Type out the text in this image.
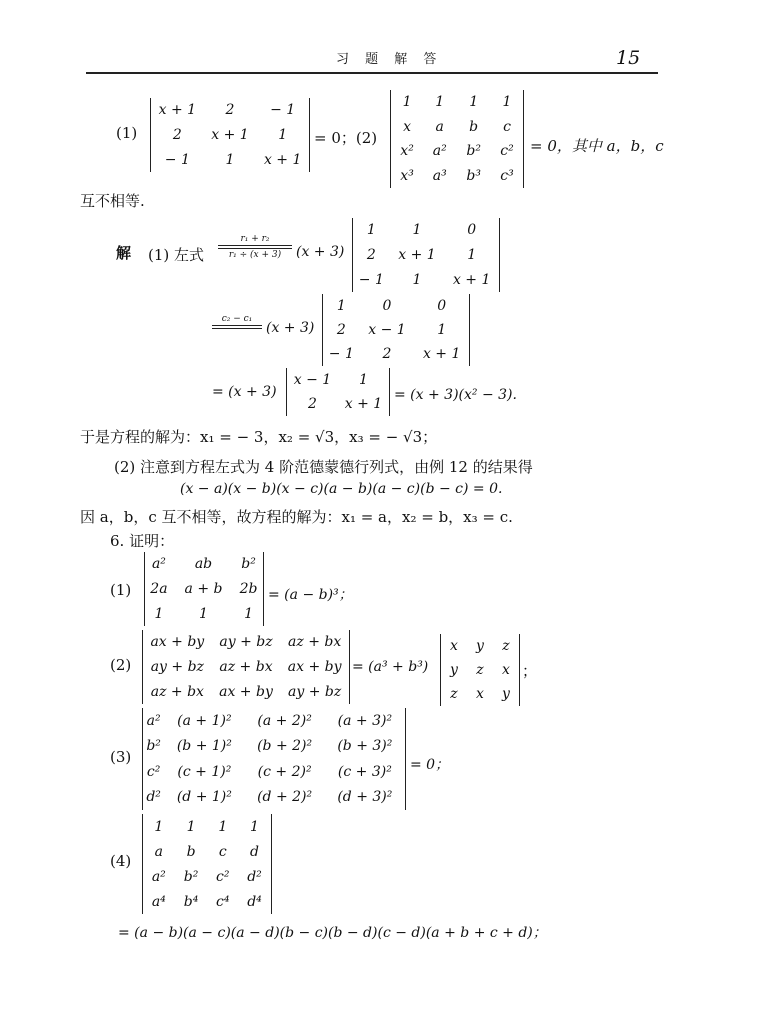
习 题 解 答	15
(1)
x + 1	2	− 1
2	x + 1	1
− 1	1	x + 1
= 0；(2)
1	1	1	1
x	a	b	c
x²	a²	b²	c²
x³	a³	b³	c³
= 0，其中 a，b，c
互不相等.
解 (1) 左式
r₁ + r₂
r₁ ÷ (x + 3)	(x + 3)
1	1	0
2	x + 1	1
− 1	1	x + 1
c₂ − c₁
(x + 3)
1	0	0
2	x − 1	1
− 1	2	x + 1
= (x + 3)
x − 1	1
2	x + 1
= (x + 3)(x² − 3).
于是方程的解为：x₁ = − 3，x₂ = √3，x₃ = − √3；
(2) 注意到方程左式为 4 阶范德蒙德行列式，由例 12 的结果得
(x − a)(x − b)(x − c)(a − b)(a − c)(b − c) = 0.
因 a，b，c 互不相等，故方程的解为：x₁ = a，x₂ = b，x₃ = c.
6. 证明：
(1)
a²	ab	b²
2a	a + b	2b
1	1	1
= (a − b)³；
(2)
ax + by	ay + bz	az + bx
ay + bz	az + bx	ax + by
az + bx	ax + by	ay + bz
= (a³ + b³)
x	y	z
y	z	x
z	x	y
；
(3)
a²	(a + 1)²	(a + 2)²	(a + 3)²
b²	(b + 1)²	(b + 2)²	(b + 3)²
c²	(c + 1)²	(c + 2)²	(c + 3)²
d²	(d + 1)²	(d + 2)²	(d + 3)²
= 0；
(4)
1	1	1	1
a	b	c	d
a²	b²	c²	d²
a⁴	b⁴	c⁴	d⁴
= (a − b)(a − c)(a − d)(b − c)(b − d)(c − d)(a + b + c + d)；
